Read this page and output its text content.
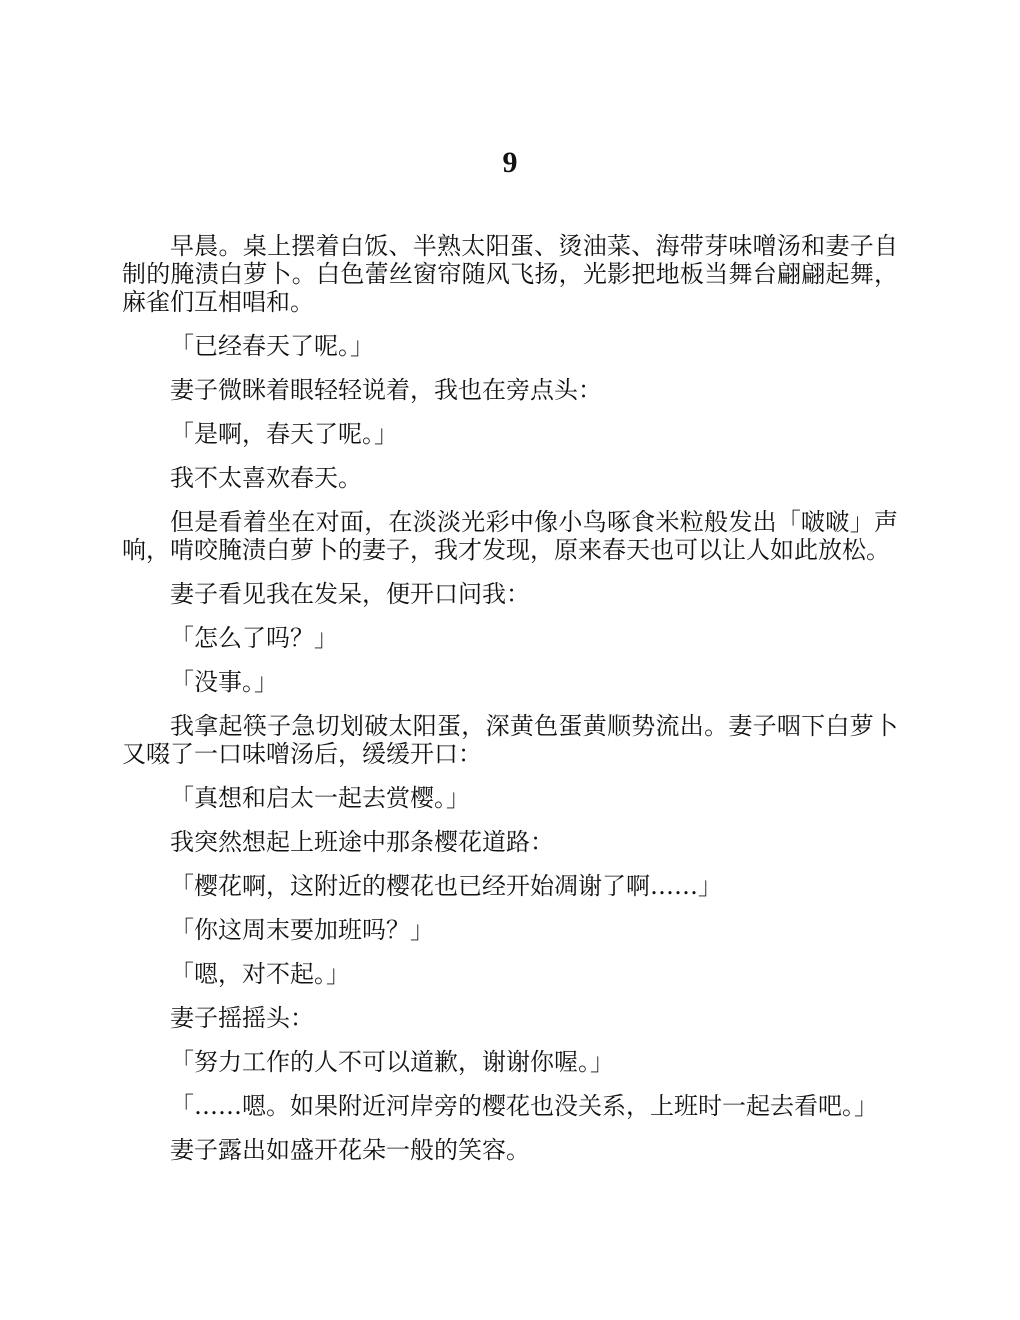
9

早晨。桌上摆着白饭、半熟太阳蛋、烫油菜、海带芽味噌汤和妻子自制的腌渍白萝卜。白色蕾丝窗帘随风飞扬，光影把地板当舞台翩翩起舞，麻雀们互相唱和。

「已经春天了呢。」

妻子微眯着眼轻轻说着，我也在旁点头：

「是啊，春天了呢。」

我不太喜欢春天。

但是看着坐在对面，在淡淡光彩中像小鸟啄食米粒般发出「啵啵」声响，啃咬腌渍白萝卜的妻子，我才发现，原来春天也可以让人如此放松。

妻子看见我在发呆，便开口问我：

「怎么了吗？」

「没事。」

我拿起筷子急切划破太阳蛋，深黄色蛋黄顺势流出。妻子咽下白萝卜又啜了一口味噌汤后，缓缓开口：

「真想和启太一起去赏樱。」

我突然想起上班途中那条樱花道路：

「樱花啊，这附近的樱花也已经开始凋谢了啊……」

「你这周末要加班吗？」

「嗯，对不起。」

妻子摇摇头：

「努力工作的人不可以道歉，谢谢你喔。」

「……嗯。如果附近河岸旁的樱花也没关系，上班时一起去看吧。」

妻子露出如盛开花朵一般的笑容。
